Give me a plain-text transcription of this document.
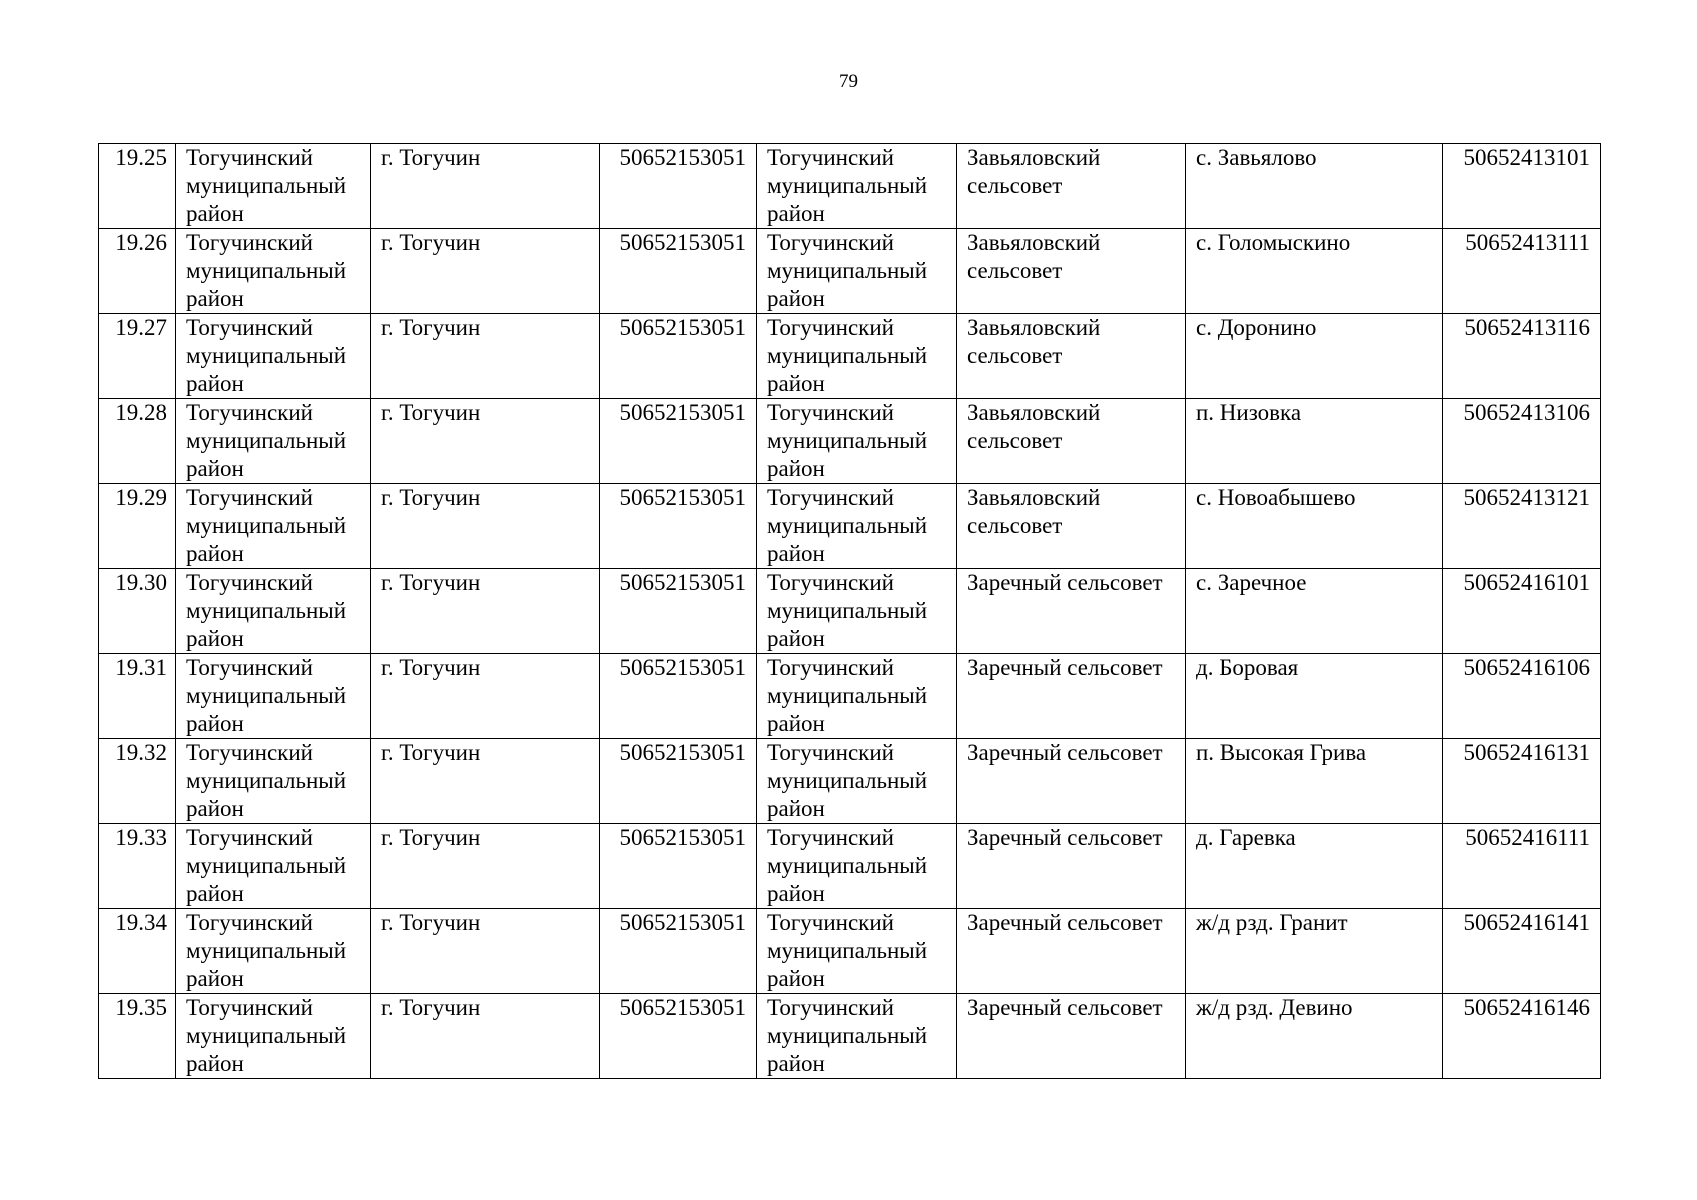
79
19.25	Тогучинский муниципальный район	г. Тогучин	50652153051	Тогучинский муниципальный район	Завьяловский сельсовет	с. Завьялово	50652413101
19.26	Тогучинский муниципальный район	г. Тогучин	50652153051	Тогучинский муниципальный район	Завьяловский сельсовет	с. Голомыскино	50652413111
19.27	Тогучинский муниципальный район	г. Тогучин	50652153051	Тогучинский муниципальный район	Завьяловский сельсовет	с. Доронино	50652413116
19.28	Тогучинский муниципальный район	г. Тогучин	50652153051	Тогучинский муниципальный район	Завьяловский сельсовет	п. Низовка	50652413106
19.29	Тогучинский муниципальный район	г. Тогучин	50652153051	Тогучинский муниципальный район	Завьяловский сельсовет	с. Новоабышево	50652413121
19.30	Тогучинский муниципальный район	г. Тогучин	50652153051	Тогучинский муниципальный район	Заречный сельсовет	с. Заречное	50652416101
19.31	Тогучинский муниципальный район	г. Тогучин	50652153051	Тогучинский муниципальный район	Заречный сельсовет	д. Боровая	50652416106
19.32	Тогучинский муниципальный район	г. Тогучин	50652153051	Тогучинский муниципальный район	Заречный сельсовет	п. Высокая Грива	50652416131
19.33	Тогучинский муниципальный район	г. Тогучин	50652153051	Тогучинский муниципальный район	Заречный сельсовет	д. Гаревка	50652416111
19.34	Тогучинский муниципальный район	г. Тогучин	50652153051	Тогучинский муниципальный район	Заречный сельсовет	ж/д рзд. Гранит	50652416141
19.35	Тогучинский муниципальный район	г. Тогучин	50652153051	Тогучинский муниципальный район	Заречный сельсовет	ж/д рзд. Девино	50652416146
